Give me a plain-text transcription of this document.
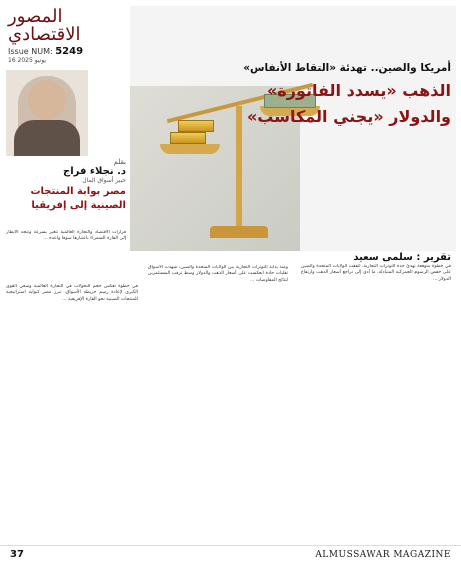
المصور الاقتصادي
Issue NUM: 5249
16 يونيو 2025
أمريكا والصين.. تهدئة «التقاط الأنفاس»
الذهب «يسدد الفاتورة»
والدولار «يجني المكاسب»
بقلم
د. نجلاء فراج
خبير أسواق المال
مصر بوابة المنتجات الصينية إلى إفريقيا
تقرير : سلمى سعيد
قرارات الاقتصاد والتجارة العالمية تتغير بسرعة وتتجه الأنظار إلى القارة السمراء باعتبارها سوقا واعدة ...
في خطوة تعكس حجم التحولات في التجارة العالمية وسعي القوى الكبرى لإعادة رسم خريطة الأسواق، تبرز مصر كبوابة استراتيجية للمنتجات الصينية نحو القارة الإفريقية ...
ومنذ بداية التوترات التجارية بين الولايات المتحدة والصين، شهدت الأسواق تقلبات حادة انعكست على أسعار الذهب والدولار وسط ترقب المستثمرين لنتائج المفاوضات ...
في خطوة متوقعة تهدئ حدة التوترات التجارية، اتفقت الولايات المتحدة والصين على خفض الرسوم الجمركية المتبادلة، ما أدى إلى تراجع أسعار الذهب وارتفاع الدولار ...
37	ALMUSSAWAR MAGAZINE
